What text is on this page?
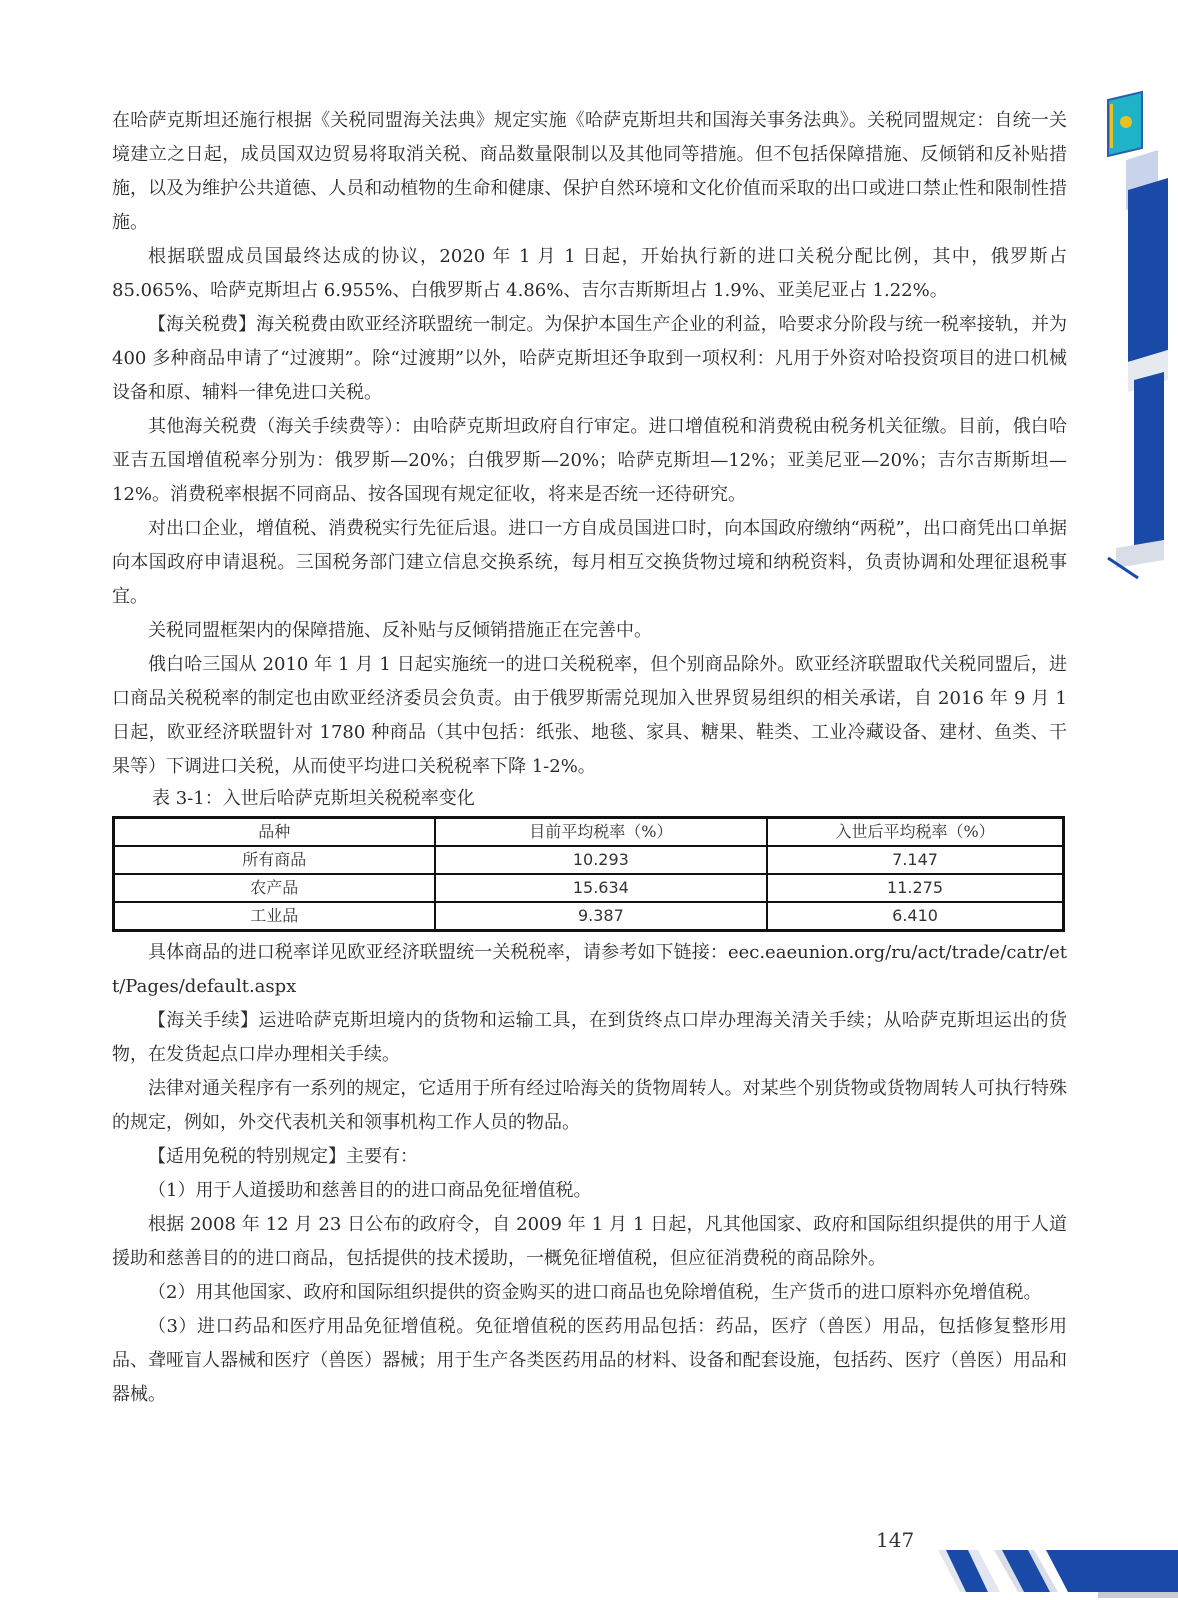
在哈萨克斯坦还施行根据《关税同盟海关法典》规定实施《哈萨克斯坦共和国海关事务法典》。关税同盟规定：自统一关境建立之日起，成员国双边贸易将取消关税、商品数量限制以及其他同等措施。但不包括保障措施、反倾销和反补贴措施，以及为维护公共道德、人员和动植物的生命和健康、保护自然环境和文化价值而采取的出口或进口禁止性和限制性措施。

根据联盟成员国最终达成的协议，2020 年 1 月 1 日起，开始执行新的进口关税分配比例，其中，俄罗斯占 85.065%、哈萨克斯坦占 6.955%、白俄罗斯占 4.86%、吉尔吉斯斯坦占 1.9%、亚美尼亚占 1.22%。

【海关税费】海关税费由欧亚经济联盟统一制定。为保护本国生产企业的利益，哈要求分阶段与统一税率接轨，并为 400 多种商品申请了“过渡期”。除“过渡期”以外，哈萨克斯坦还争取到一项权利：凡用于外资对哈投资项目的进口机械设备和原、辅料一律免进口关税。

其他海关税费（海关手续费等）：由哈萨克斯坦政府自行审定。进口增值税和消费税由税务机关征缴。目前，俄白哈亚吉五国增值税率分别为：俄罗斯—20%；白俄罗斯—20%；哈萨克斯坦—12%；亚美尼亚—20%；吉尔吉斯斯坦—12%。消费税率根据不同商品、按各国现有规定征收，将来是否统一还待研究。

对出口企业，增值税、消费税实行先征后退。进口一方自成员国进口时，向本国政府缴纳“两税”，出口商凭出口单据向本国政府申请退税。三国税务部门建立信息交换系统，每月相互交换货物过境和纳税资料，负责协调和处理征退税事宜。

关税同盟框架内的保障措施、反补贴与反倾销措施正在完善中。

俄白哈三国从 2010 年 1 月 1 日起实施统一的进口关税税率，但个别商品除外。欧亚经济联盟取代关税同盟后，进口商品关税税率的制定也由欧亚经济委员会负责。由于俄罗斯需兑现加入世界贸易组织的相关承诺，自 2016 年 9 月 1 日起，欧亚经济联盟针对 1780 种商品（其中包括：纸张、地毯、家具、糖果、鞋类、工业冷藏设备、建材、鱼类、干果等）下调进口关税，从而使平均进口关税税率下降 1-2%。

表 3-1：入世后哈萨克斯坦关税税率变化

品种	目前平均税率（%）	入世后平均税率（%）
所有商品	10.293	7.147
农产品	15.634	11.275
工业品	9.387	6.410

具体商品的进口税率详见欧亚经济联盟统一关税税率，请参考如下链接：eec.eaeunion.org/ru/act/trade/catr/ett/Pages/default.aspx

【海关手续】运进哈萨克斯坦境内的货物和运输工具，在到货终点口岸办理海关清关手续；从哈萨克斯坦运出的货物，在发货起点口岸办理相关手续。

法律对通关程序有一系列的规定，它适用于所有经过哈海关的货物周转人。对某些个别货物或货物周转人可执行特殊的规定，例如，外交代表机关和领事机构工作人员的物品。

【适用免税的特别规定】主要有：

（1）用于人道援助和慈善目的的进口商品免征增值税。

根据 2008 年 12 月 23 日公布的政府令，自 2009 年 1 月 1 日起，凡其他国家、政府和国际组织提供的用于人道援助和慈善目的的进口商品，包括提供的技术援助，一概免征增值税，但应征消费税的商品除外。

（2）用其他国家、政府和国际组织提供的资金购买的进口商品也免除增值税，生产货币的进口原料亦免增值税。

（3）进口药品和医疗用品免征增值税。免征增值税的医药用品包括：药品，医疗（兽医）用品，包括修复整形用品、聋哑盲人器械和医疗（兽医）器械；用于生产各类医药用品的材料、设备和配套设施，包括药、医疗（兽医）用品和器械。

147
